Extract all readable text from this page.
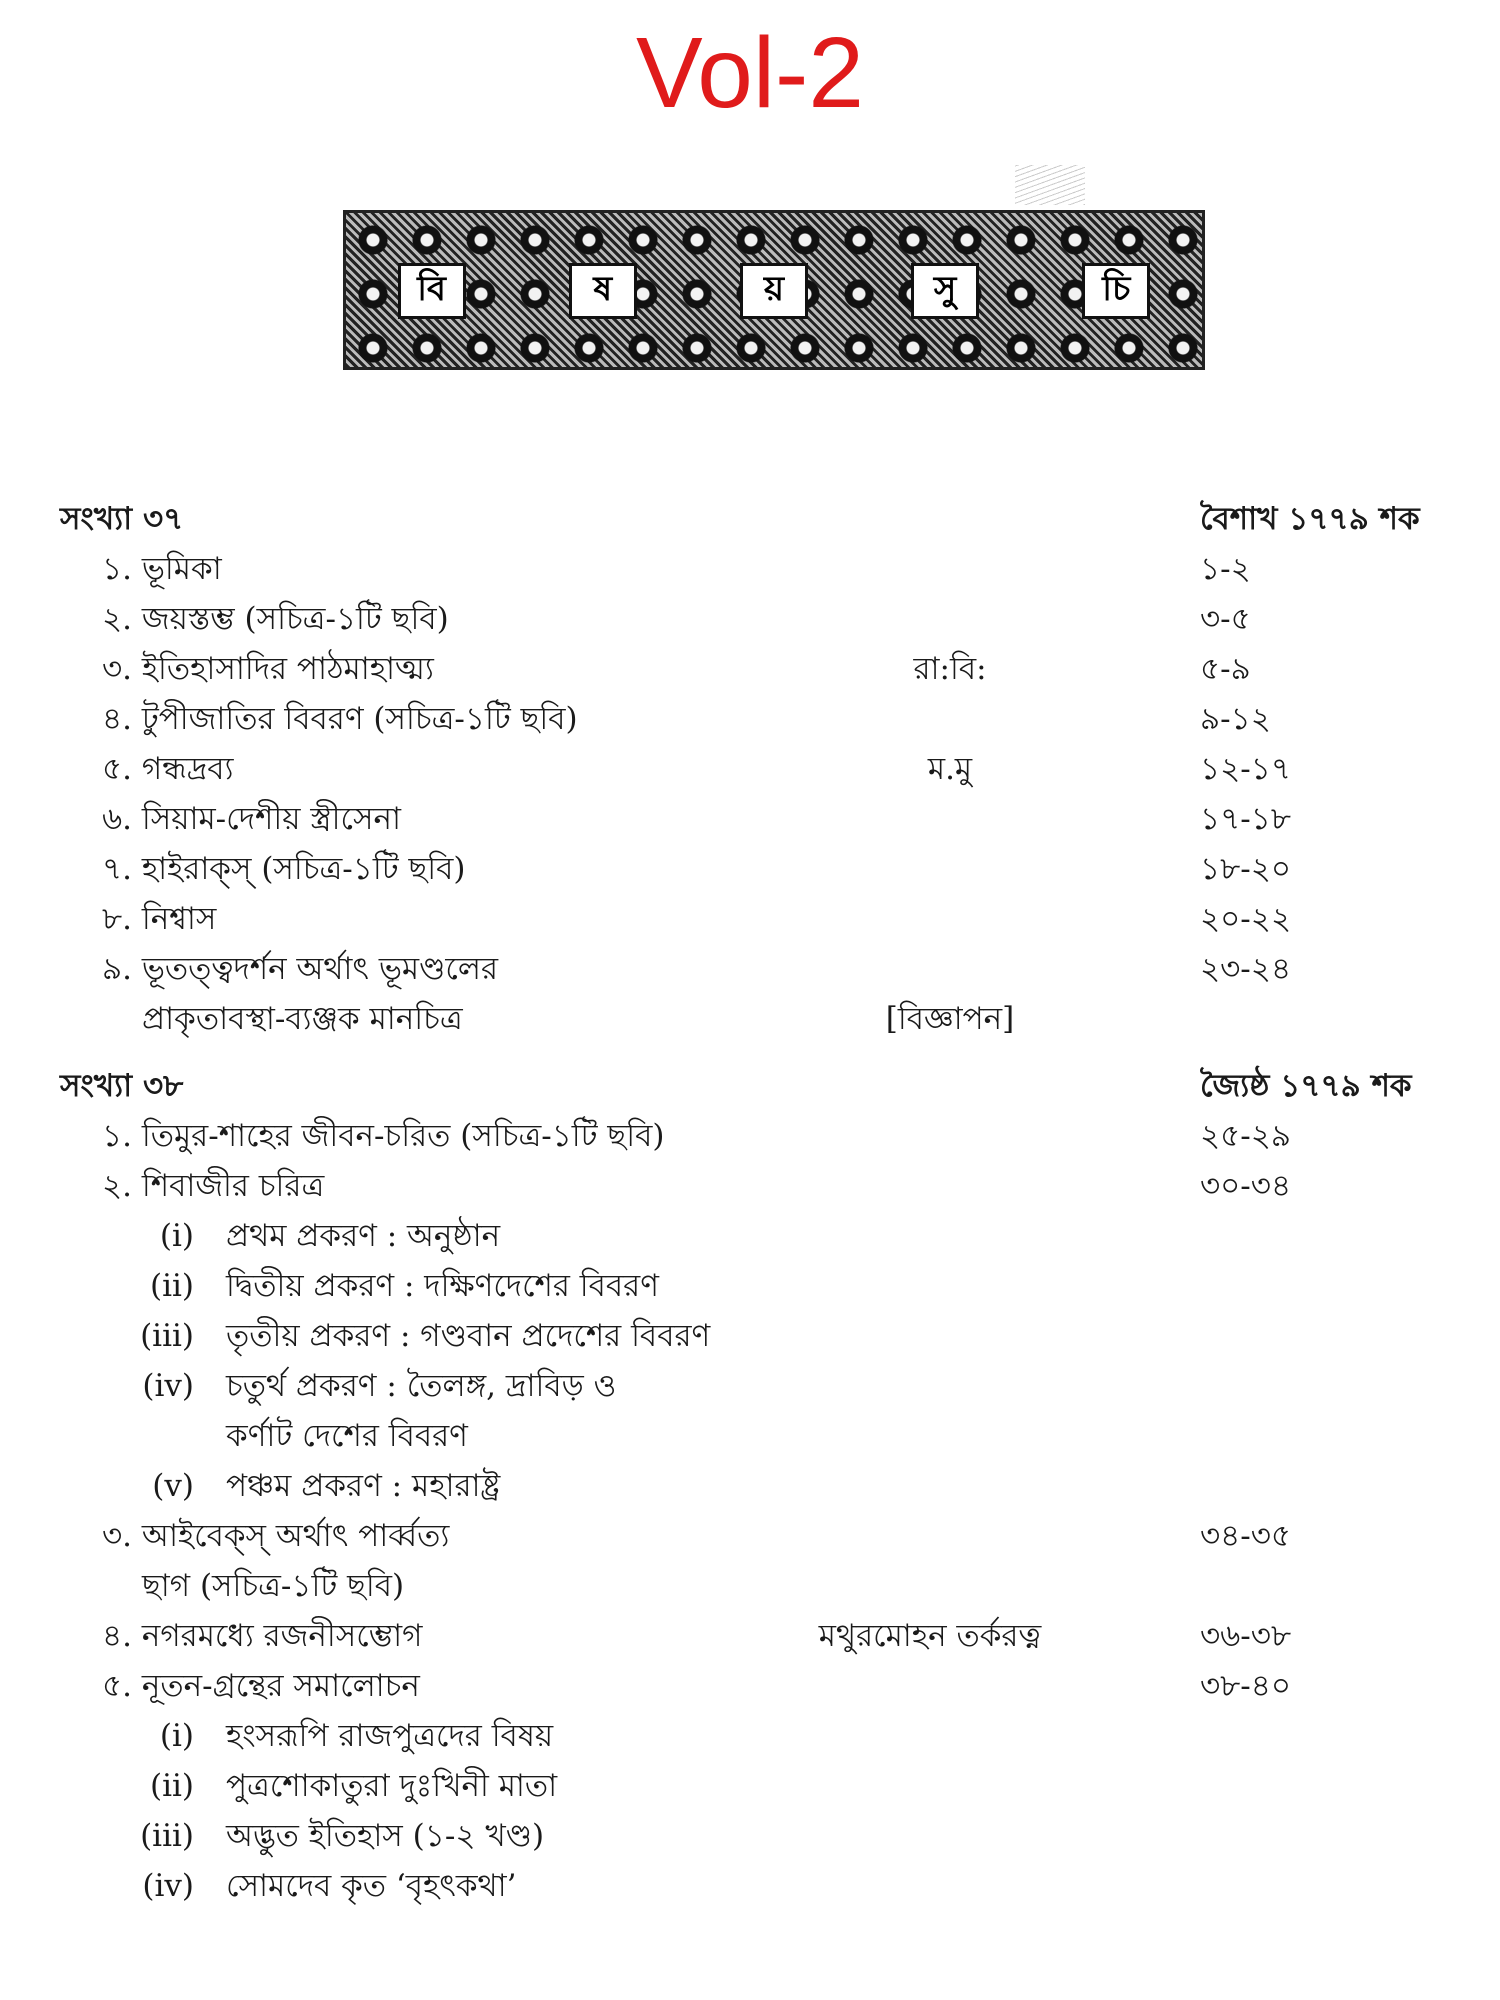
Vol-2
বি	ষ	য়	সু	চি
সংখ্যা ৩৭	বৈশাখ ১৭৭৯ শক
১. ভূমিকা	১-২
২. জয়স্তম্ভ (সচিত্র-১টি ছবি)	৩-৫
৩. ইতিহাসাদির পাঠমাহাত্ম্য	রা:বি:	৫-৯
৪. টুপীজাতির বিবরণ (সচিত্র-১টি ছবি)	৯-১২
৫. গন্ধদ্রব্য	ম.মু	১২-১৭
৬. সিয়াম-দেশীয় স্ত্রীসেনা	১৭-১৮
৭. হাইরাক্স্ (সচিত্র-১টি ছবি)	১৮-২০
৮. নিশ্বাস	২০-২২
৯. ভূতত্ত্বদর্শন অর্থাৎ ভূমণ্ডলের	২৩-২৪
প্রাকৃতাবস্থা-ব্যঞ্জক মানচিত্র	[বিজ্ঞাপন]
সংখ্যা ৩৮	জ্যৈষ্ঠ ১৭৭৯ শক
১. তিমুর-শাহের জীবন-চরিত (সচিত্র-১টি ছবি)	২৫-২৯
২. শিবাজীর চরিত্র	৩০-৩৪
(i) প্রথম প্রকরণ : অনুষ্ঠান
(ii) দ্বিতীয় প্রকরণ : দক্ষিণদেশের বিবরণ
(iii) তৃতীয় প্রকরণ : গণ্ডবান প্রদেশের বিবরণ
(iv) চতুর্থ প্রকরণ : তৈলঙ্গ, দ্রাবিড় ও
কর্ণাট দেশের বিবরণ
(v) পঞ্চম প্রকরণ : মহারাষ্ট্র
৩. আইবেক্স্ অর্থাৎ পার্ব্বত্য	৩৪-৩৫
ছাগ (সচিত্র-১টি ছবি)
৪. নগরমধ্যে রজনীসম্ভোগ	মথুরমোহন তর্করত্ন	৩৬-৩৮
৫. নূতন-গ্রন্থের সমালোচন	৩৮-৪০
(i) হংসরূপি রাজপুত্রদের বিষয়
(ii) পুত্রশোকাতুরা দুঃখিনী মাতা
(iii) অদ্ভুত ইতিহাস (১-২ খণ্ড)
(iv) সোমদেব কৃত ‘বৃহৎকথা’
